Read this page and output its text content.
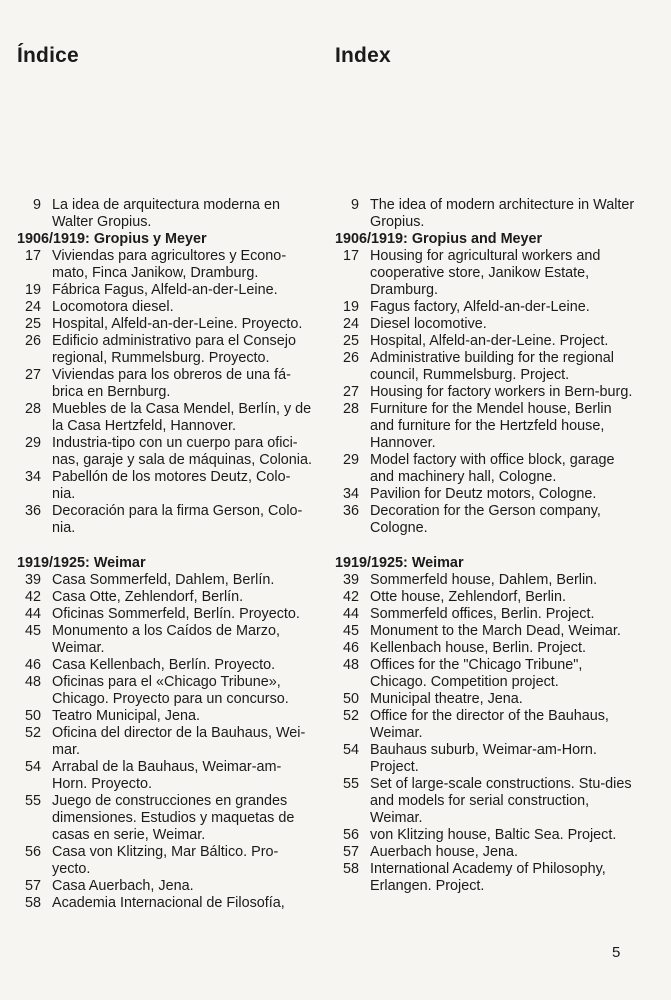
Índice	Index
9 La idea de arquitectura moderna en Walter Gropius.
1906/1919: Gropius y Meyer
17 Viviendas para agricultores y Econo-mato, Finca Janikow, Dramburg.
19 Fábrica Fagus, Alfeld-an-der-Leine.
24 Locomotora diesel.
25 Hospital, Alfeld-an-der-Leine. Proyecto.
26 Edificio administrativo para el Consejo regional, Rummelsburg. Proyecto.
27 Viviendas para los obreros de una fá-brica en Bernburg.
28 Muebles de la Casa Mendel, Berlín, y de la Casa Hertzfeld, Hannover.
29 Industria-tipo con un cuerpo para ofici-nas, garaje y sala de máquinas, Colonia.
34 Pabellón de los motores Deutz, Colo-nia.
36 Decoración para la firma Gerson, Colo-nia.
1919/1925: Weimar
39 Casa Sommerfeld, Dahlem, Berlín.
42 Casa Otte, Zehlendorf, Berlín.
44 Oficinas Sommerfeld, Berlín. Proyecto.
45 Monumento a los Caídos de Marzo, Weimar.
46 Casa Kellenbach, Berlín. Proyecto.
48 Oficinas para el «Chicago Tribune», Chicago. Proyecto para un concurso.
50 Teatro Municipal, Jena.
52 Oficina del director de la Bauhaus, Wei-mar.
54 Arrabal de la Bauhaus, Weimar-am-Horn. Proyecto.
55 Juego de construcciones en grandes dimensiones. Estudios y maquetas de casas en serie, Weimar.
56 Casa von Klitzing, Mar Báltico. Pro-yecto.
57 Casa Auerbach, Jena.
58 Academia Internacional de Filosofía,
9 The idea of modern architecture in Walter Gropius.
1906/1919: Gropius and Meyer
17 Housing for agricultural workers and cooperative store, Janikow Estate, Dramburg.
19 Fagus factory, Alfeld-an-der-Leine.
24 Diesel locomotive.
25 Hospital, Alfeld-an-der-Leine. Project.
26 Administrative building for the regional council, Rummelsburg. Project.
27 Housing for factory workers in Bern-burg.
28 Furniture for the Mendel house, Berlin and furniture for the Hertzfeld house, Hannover.
29 Model factory with office block, garage and machinery hall, Cologne.
34 Pavilion for Deutz motors, Cologne.
36 Decoration for the Gerson company, Cologne.
1919/1925: Weimar
39 Sommerfeld house, Dahlem, Berlin.
42 Otte house, Zehlendorf, Berlin.
44 Sommerfeld offices, Berlin. Project.
45 Monument to the March Dead, Weimar.
46 Kellenbach house, Berlin. Project.
48 Offices for the "Chicago Tribune", Chicago. Competition project.
50 Municipal theatre, Jena.
52 Office for the director of the Bauhaus, Weimar.
54 Bauhaus suburb, Weimar-am-Horn. Project.
55 Set of large-scale constructions. Stu-dies and models for serial construction, Weimar.
56 von Klitzing house, Baltic Sea. Project.
57 Auerbach house, Jena.
58 International Academy of Philosophy, Erlangen. Project.
5
